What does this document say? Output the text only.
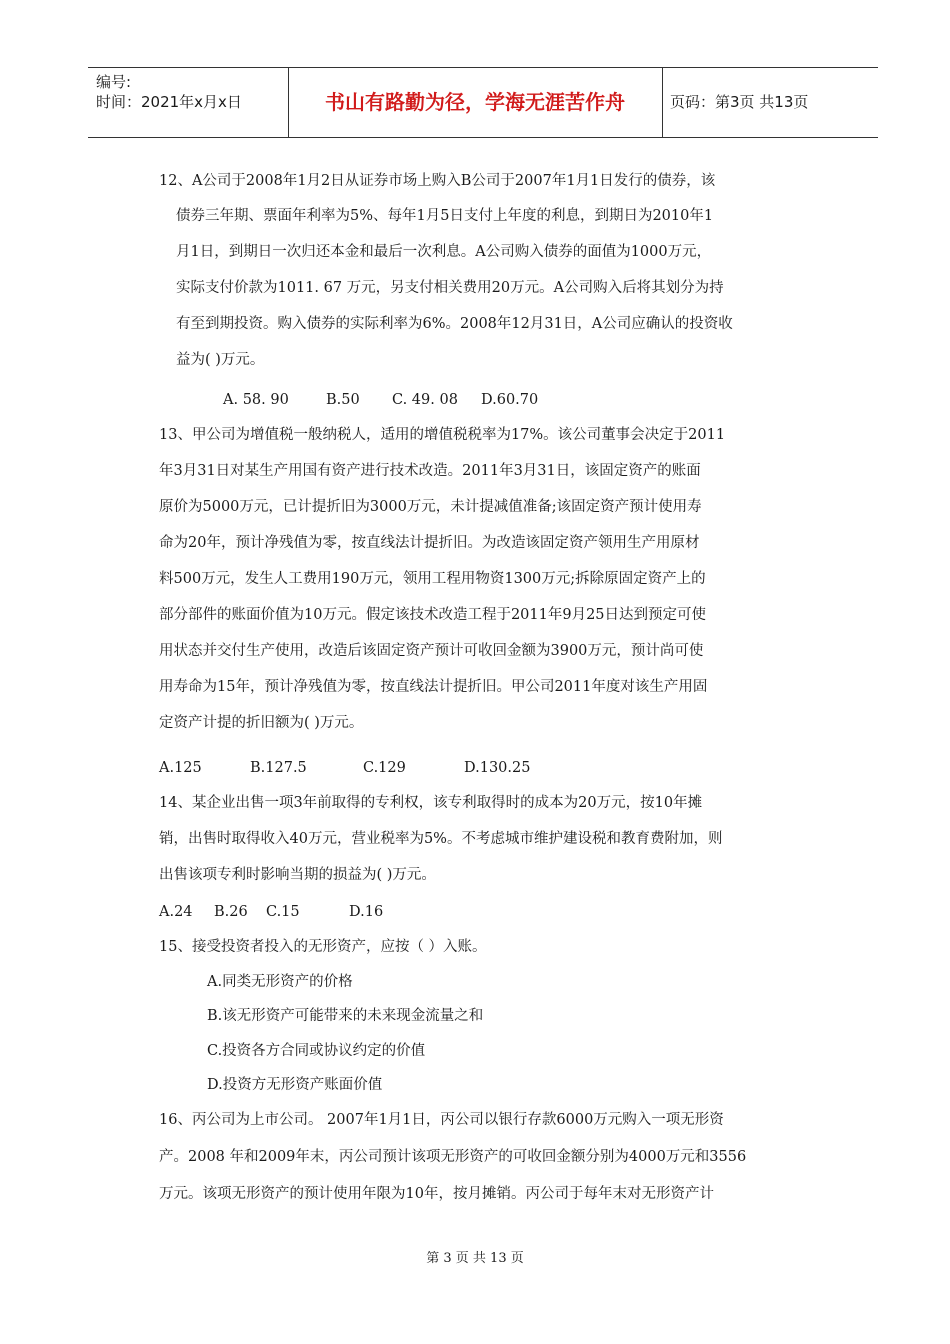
编号:
时间：2021年x月x日	书山有路勤为径，学海无涯苦作舟	页码：第3页 共13页
12、A公司于2008年1月2日从证券市场上购入B公司于2007年1月1日发行的债券，该
债券三年期、票面年利率为5%、每年1月5日支付上年度的利息，到期日为2010年1
月1日，到期日一次归还本金和最后一次利息。A公司购入债券的面值为1000万元，
实际支付价款为1011. 67 万元，另支付相关费用20万元。A公司购入后将其划分为持
有至到期投资。购入债券的实际利率为6%。2008年12月31日，A公司应确认的投资收
益为( )万元。
A. 58. 90	B.50 C. 49. 08 D.60.70
13、甲公司为增值税一般纳税人，适用的增值税税率为17%。该公司董事会决定于2011
年3月31日对某生产用国有资产进行技术改造。2011年3月31日，该固定资产的账面
原价为5000万元，已计提折旧为3000万元，未计提减值准备;该固定资产预计使用寿
命为20年，预计净残值为零，按直线法计提折旧。为改造该固定资产领用生产用原材
料500万元，发生人工费用190万元，领用工程用物资1300万元;拆除原固定资产上的
部分部件的账面价值为10万元。假定该技术改造工程于2011年9月25日达到预定可使
用状态并交付生产使用，改造后该固定资产预计可收回金额为3900万元，预计尚可使
用寿命为15年，预计净残值为零，按直线法计提折旧。甲公司2011年度对该生产用固
定资产计提的折旧额为( )万元。
A.125	B.127.5	C.129	D.130.25
14、某企业出售一项3年前取得的专利权，该专利取得时的成本为20万元，按10年摊
销，出售时取得收入40万元，营业税率为5%。不考虑城市维护建设税和教育费附加，则
出售该项专利时影响当期的损益为( )万元。
A.24 B.26 C.15	D.16
15、接受投资者投入的无形资产，应按（ ）入账。
A.同类无形资产的价格
B.该无形资产可能带来的未来现金流量之和
C.投资各方合同或协议约定的价值
D.投资方无形资产账面价值
16、丙公司为上市公司。 2007年1月1日，丙公司以银行存款6000万元购入一项无形资
产。2008 年和2009年末，丙公司预计该项无形资产的可收回金额分别为4000万元和3556
万元。该项无形资产的预计使用年限为10年，按月摊销。丙公司于每年末对无形资产计
第 3 页 共 13 页
